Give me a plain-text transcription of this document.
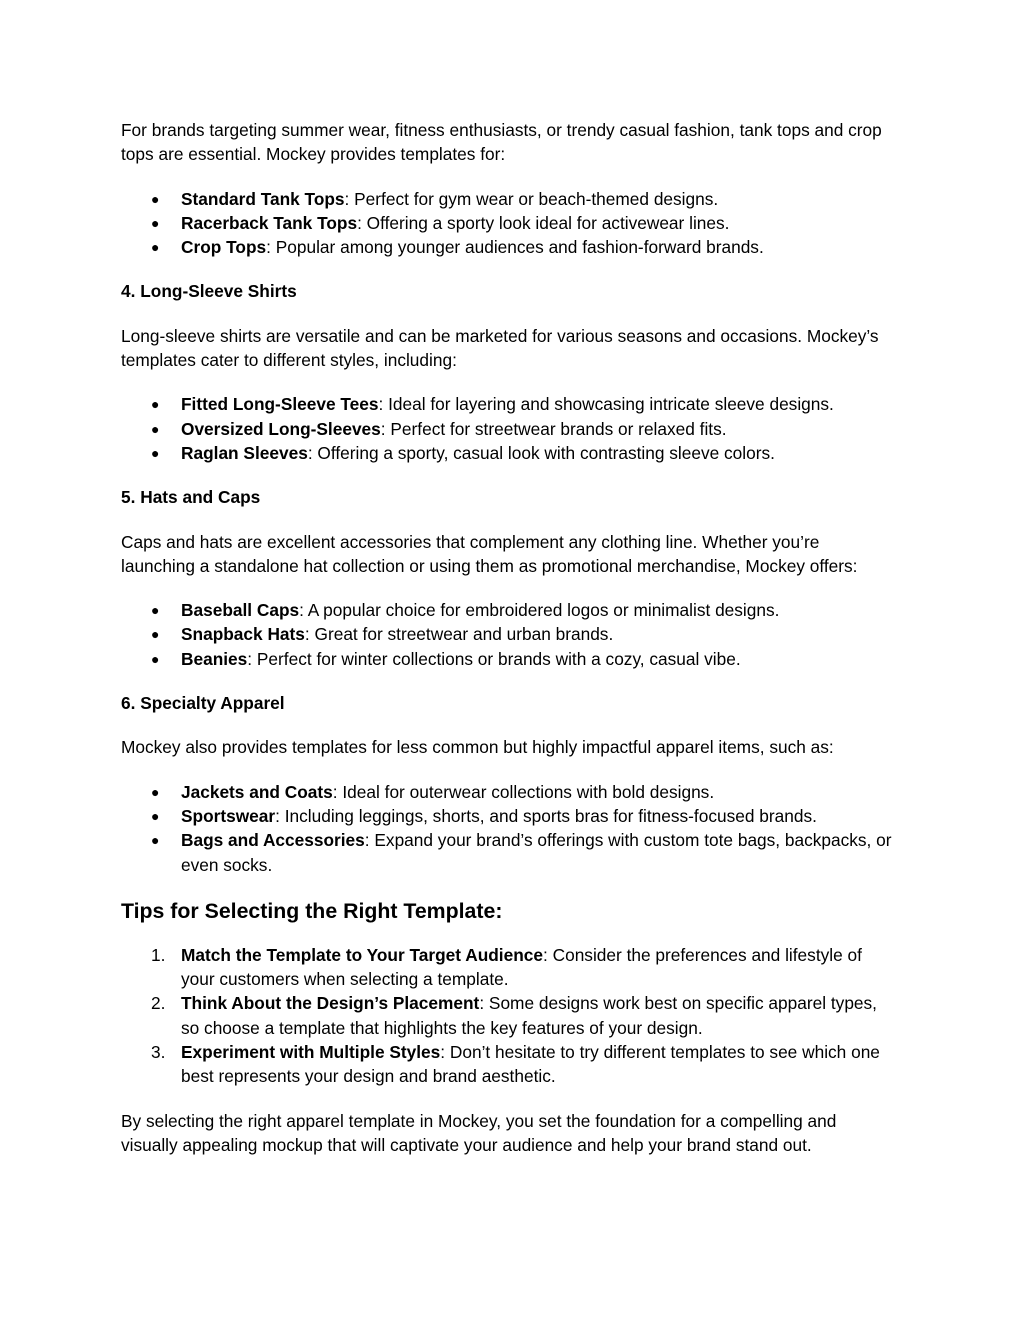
For brands targeting summer wear, fitness enthusiasts, or trendy casual fashion, tank tops and crop tops are essential. Mockey provides templates for:

● Standard Tank Tops: Perfect for gym wear or beach-themed designs.
● Racerback Tank Tops: Offering a sporty look ideal for activewear lines.
● Crop Tops: Popular among younger audiences and fashion-forward brands.

4. Long-Sleeve Shirts

Long-sleeve shirts are versatile and can be marketed for various seasons and occasions. Mockey’s templates cater to different styles, including:

● Fitted Long-Sleeve Tees: Ideal for layering and showcasing intricate sleeve designs.
● Oversized Long-Sleeves: Perfect for streetwear brands or relaxed fits.
● Raglan Sleeves: Offering a sporty, casual look with contrasting sleeve colors.

5. Hats and Caps

Caps and hats are excellent accessories that complement any clothing line. Whether you’re launching a standalone hat collection or using them as promotional merchandise, Mockey offers:

● Baseball Caps: A popular choice for embroidered logos or minimalist designs.
● Snapback Hats: Great for streetwear and urban brands.
● Beanies: Perfect for winter collections or brands with a cozy, casual vibe.

6. Specialty Apparel

Mockey also provides templates for less common but highly impactful apparel items, such as:

● Jackets and Coats: Ideal for outerwear collections with bold designs.
● Sportswear: Including leggings, shorts, and sports bras for fitness-focused brands.
● Bags and Accessories: Expand your brand’s offerings with custom tote bags, backpacks, or even socks.
Tips for Selecting the Right Template:
1. Match the Template to Your Target Audience: Consider the preferences and lifestyle of your customers when selecting a template.
2. Think About the Design’s Placement: Some designs work best on specific apparel types, so choose a template that highlights the key features of your design.
3. Experiment with Multiple Styles: Don’t hesitate to try different templates to see which one best represents your design and brand aesthetic.

By selecting the right apparel template in Mockey, you set the foundation for a compelling and visually appealing mockup that will captivate your audience and help your brand stand out.
